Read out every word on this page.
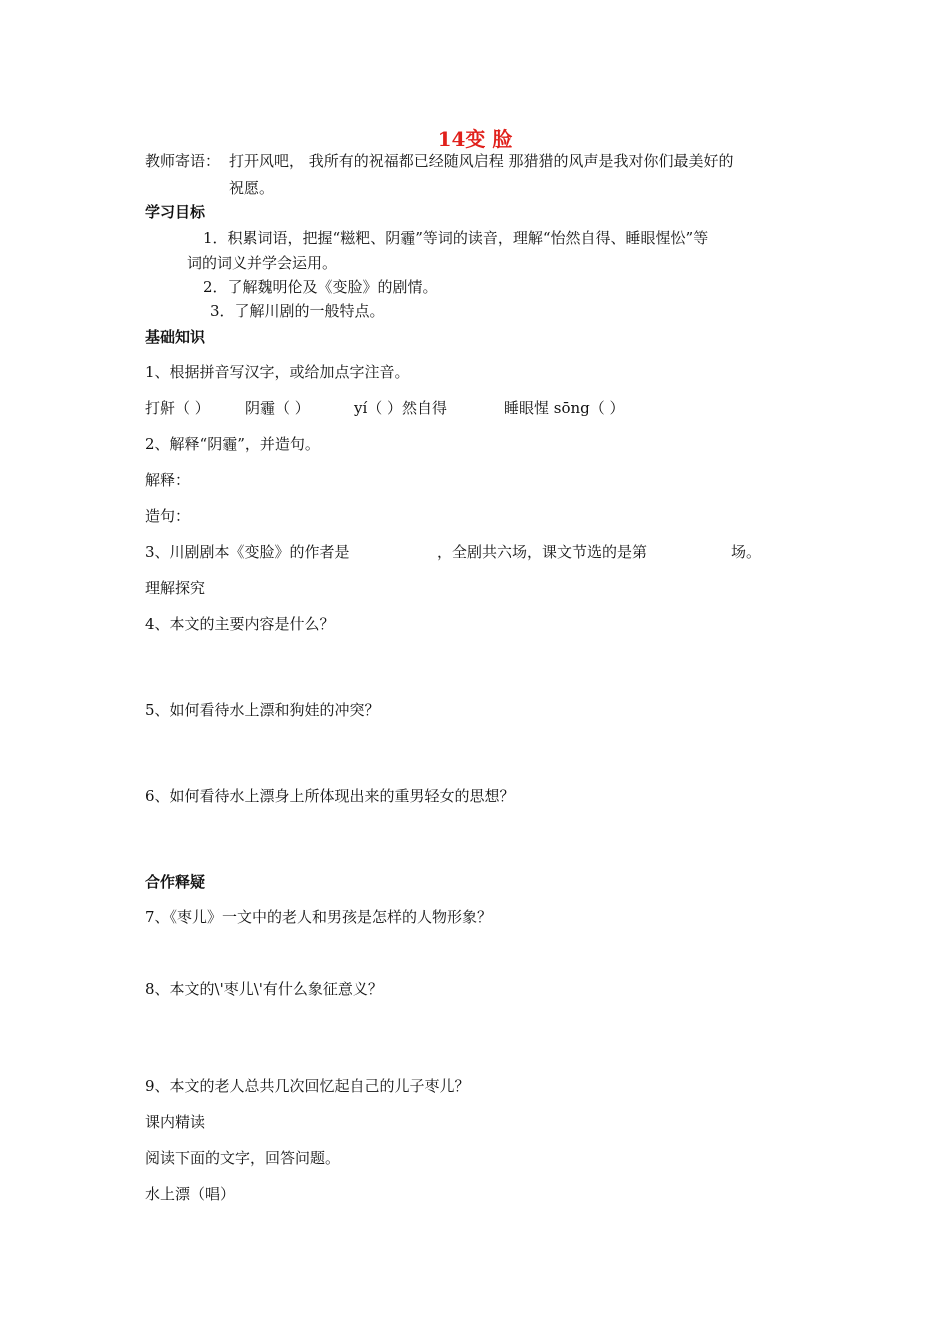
14变 脸
教师寄语： 打开风吧， 我所有的祝福都已经随风启程 那猎猎的风声是我对你们最美好的
祝愿。
学习目标
1．积累词语，把握“糍粑、阴霾”等词的读音，理解“怡然自得、睡眼惺忪”等
词的词义并学会运用。
2．了解魏明伦及《变脸》的剧情。
3．了解川剧的一般特点。
基础知识
1、根据拼音写汉字，或给加点字注音。
打鼾（ ） 阴霾（ ）	yí（ ）然自得	睡眼惺 sōng（ ）
2、解释“阴霾”，并造句。
解释：
造句：
3、川剧剧本《变脸》的作者是	，全剧共六场，课文节选的是第	场。
理解探究
4、本文的主要内容是什么？
5、如何看待水上漂和狗娃的冲突？
6、如何看待水上漂身上所体现出来的重男轻女的思想？
合作释疑
7、《枣儿》一文中的老人和男孩是怎样的人物形象？
8、本文的\'枣儿\'有什么象征意义？
9、本文的老人总共几次回忆起自己的儿子枣儿？
课内精读
阅读下面的文字，回答问题。
水上漂（唱）
